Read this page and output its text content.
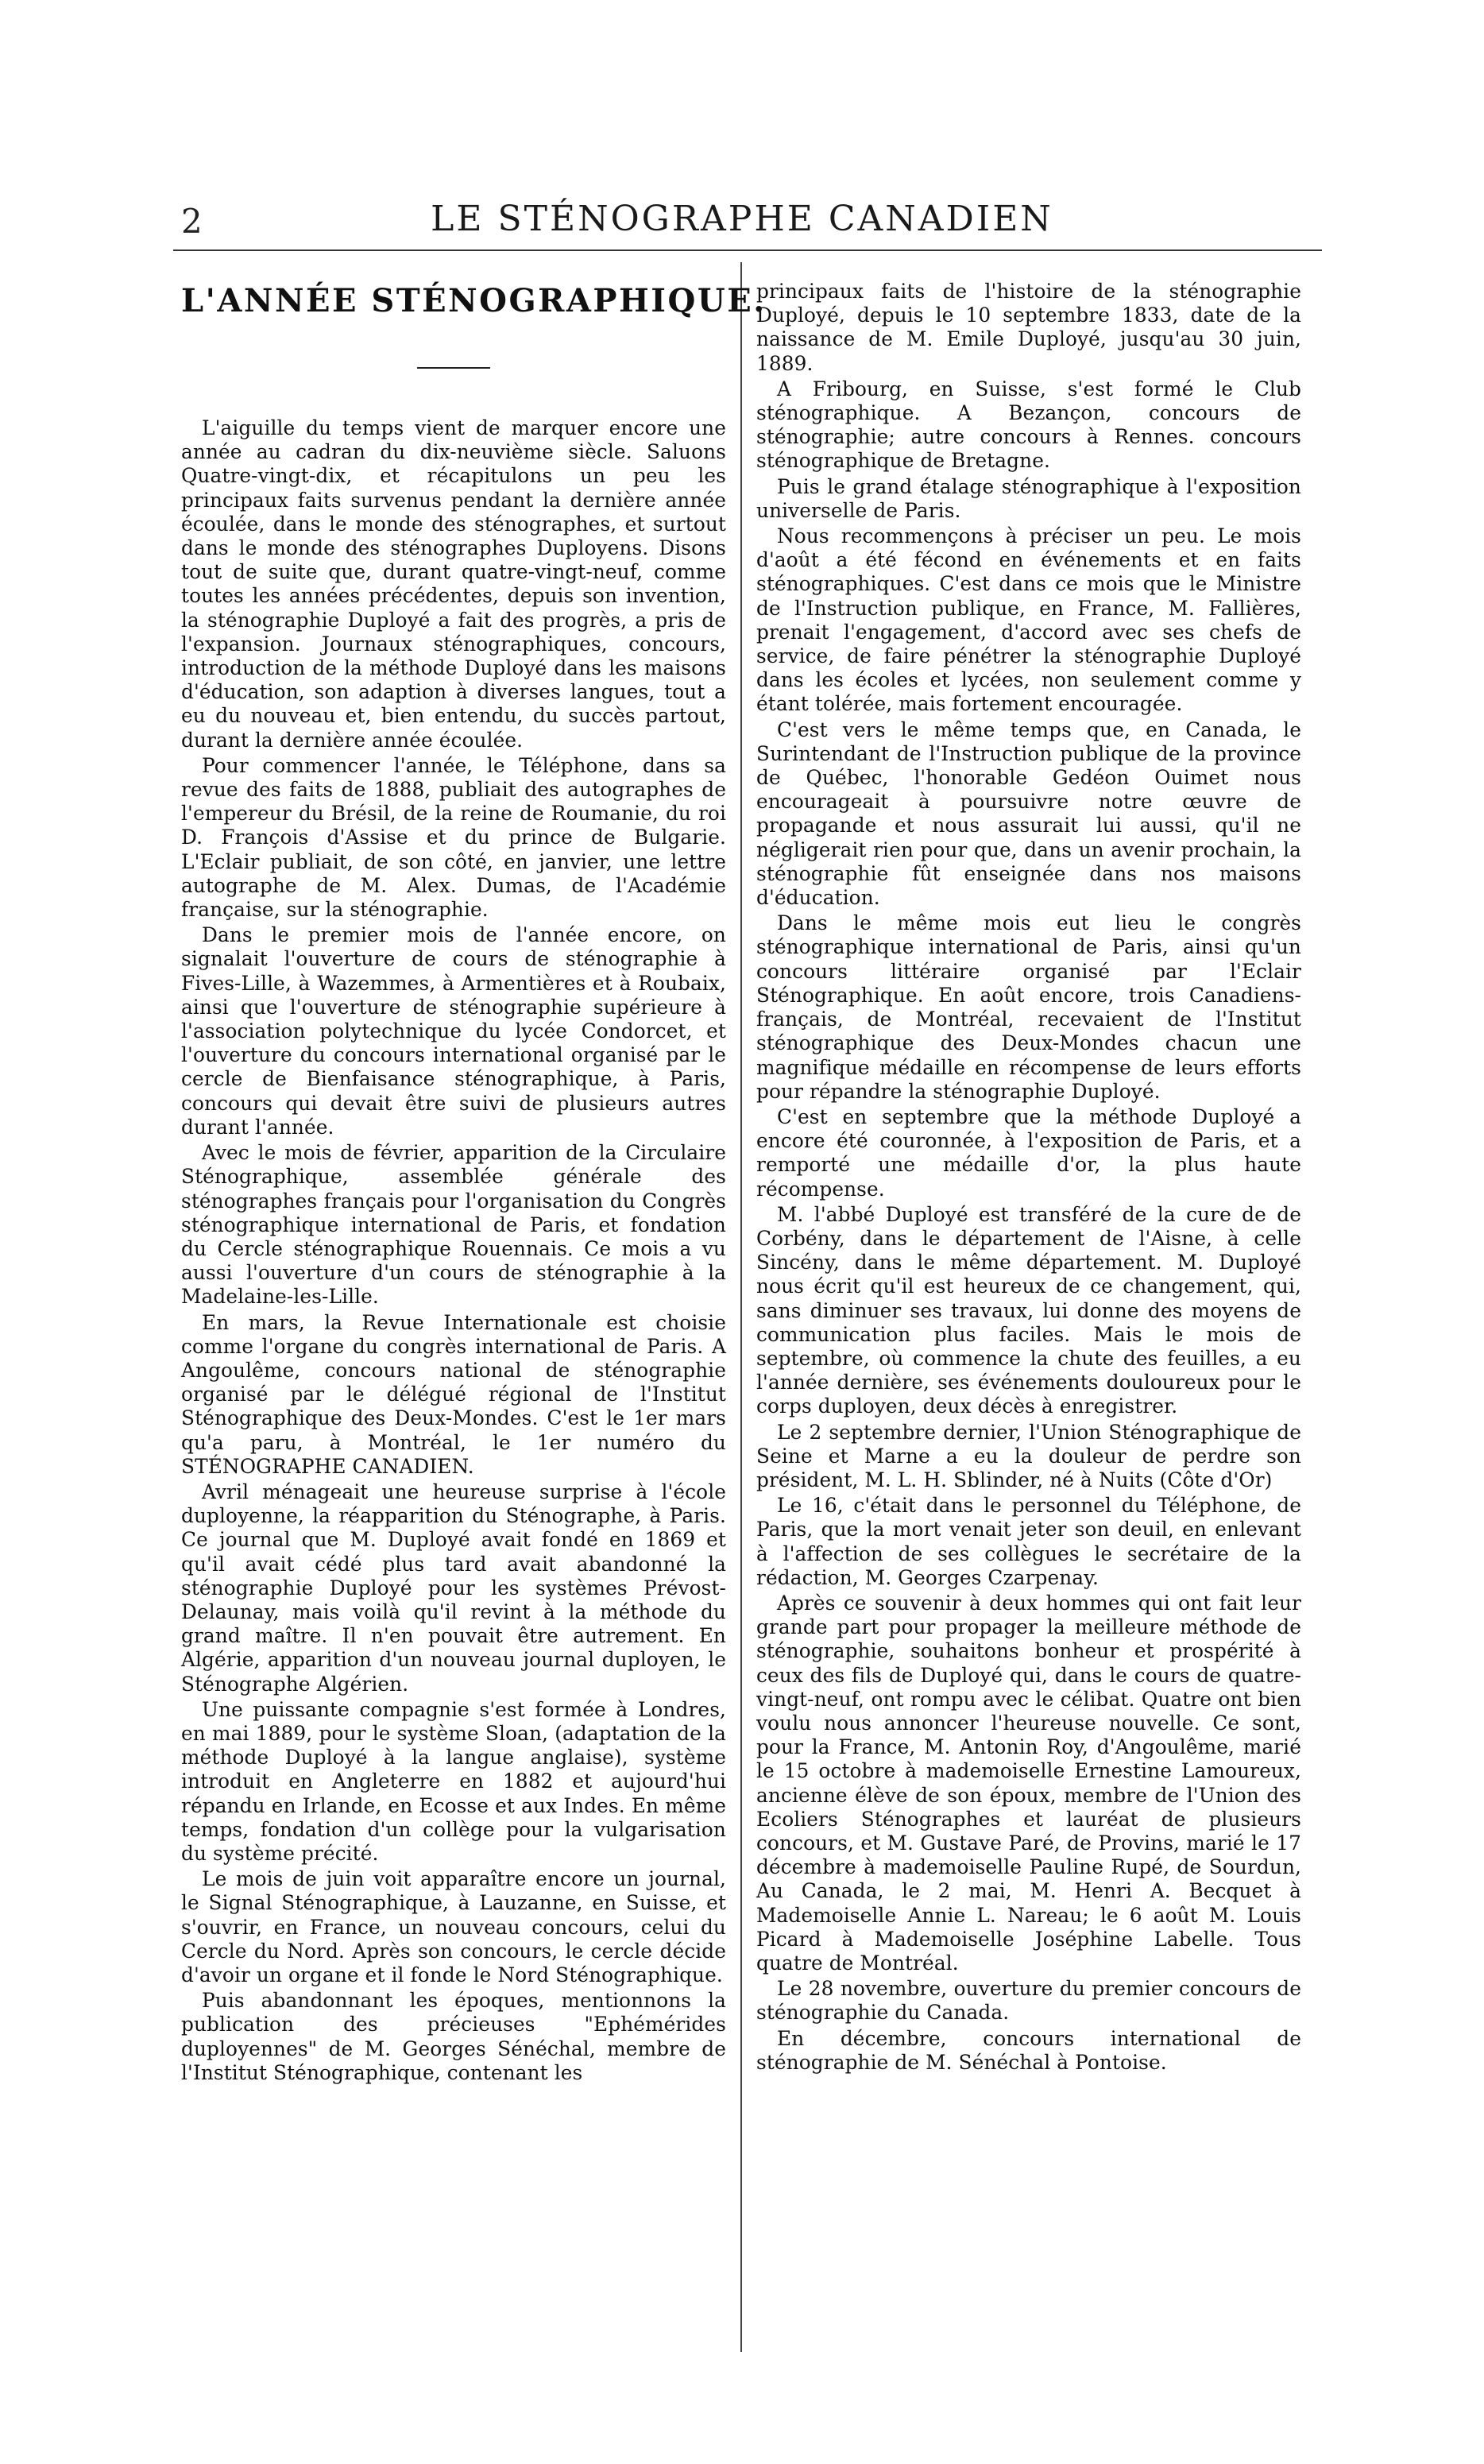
2	LE STÉNOGRAPHE CANADIEN
L'ANNÉE STÉNOGRAPHIQUE.

L'aiguille du temps vient de marquer encore une année au cadran du dix-neuvième siècle. Saluons Quatre-vingt-dix, et récapitulons un peu les principaux faits survenus pendant la dernière année écoulée, dans le monde des sténographes, et surtout dans le monde des sténographes Duployens. Disons tout de suite que, durant quatre-vingt-neuf, comme toutes les années précédentes, depuis son invention, la sténographie Duployé a fait des progrès, a pris de l'expansion. Journaux sténographiques, concours, introduction de la méthode Duployé dans les maisons d'éducation, son adaption à diverses langues, tout a eu du nouveau et, bien entendu, du succès partout, durant la dernière année écoulée.

Pour commencer l'année, le Téléphone, dans sa revue des faits de 1888, publiait des autographes de l'empereur du Brésil, de la reine de Roumanie, du roi D. François d'Assise et du prince de Bulgarie. L'Eclair publiait, de son côté, en janvier, une lettre autographe de M. Alex. Dumas, de l'Académie française, sur la sténographie.

Dans le premier mois de l'année encore, on signalait l'ouverture de cours de sténographie à Fives-Lille, à Wazemmes, à Armentières et à Roubaix, ainsi que l'ouverture de sténographie supérieure à l'association polytechnique du lycée Condorcet, et l'ouverture du concours international organisé par le cercle de Bienfaisance sténographique, à Paris, concours qui devait être suivi de plusieurs autres durant l'année.

Avec le mois de février, apparition de la Circulaire Sténographique, assemblée générale des sténographes français pour l'organisation du Congrès sténographique international de Paris, et fondation du Cercle sténographique Rouennais. Ce mois a vu aussi l'ouverture d'un cours de sténographie à la Madelaine-les-Lille.

En mars, la Revue Internationale est choisie comme l'organe du congrès international de Paris. A Angoulême, concours national de sténographie organisé par le délégué régional de l'Institut Sténographique des Deux-Mondes. C'est le 1er mars qu'a paru, à Montréal, le 1er numéro du STÉNOGRAPHE CANADIEN.

Avril ménageait une heureuse surprise à l'école duployenne, la réapparition du Sténographe, à Paris. Ce journal que M. Duployé avait fondé en 1869 et qu'il avait cédé plus tard avait abandonné la sténographie Duployé pour les systèmes Prévost-Delaunay, mais voilà qu'il revint à la méthode du grand maître. Il n'en pouvait être autrement. En Algérie, apparition d'un nouveau journal duployen, le Sténographe Algérien.

Une puissante compagnie s'est formée à Londres, en mai 1889, pour le système Sloan, (adaptation de la méthode Duployé à la langue anglaise), système introduit en Angleterre en 1882 et aujourd'hui répandu en Irlande, en Ecosse et aux Indes. En même temps, fondation d'un collège pour la vulgarisation du système précité.

Le mois de juin voit apparaître encore un journal, le Signal Sténographique, à Lauzanne, en Suisse, et s'ouvrir, en France, un nouveau concours, celui du Cercle du Nord. Après son concours, le cercle décide d'avoir un organe et il fonde le Nord Sténographique.

Puis abandonnant les époques, mentionnons la publication des précieuses "Ephémérides duployennes" de M. Georges Sénéchal, membre de l'Institut Sténographique, contenant les

principaux faits de l'histoire de la sténographie Duployé, depuis le 10 septembre 1833, date de la naissance de M. Emile Duployé, jusqu'au 30 juin, 1889.

A Fribourg, en Suisse, s'est formé le Club sténographique. A Bezançon, concours de sténographie; autre concours à Rennes. concours sténographique de Bretagne.

Puis le grand étalage sténographique à l'exposition universelle de Paris.

Nous recommençons à préciser un peu. Le mois d'août a été fécond en événements et en faits sténographiques. C'est dans ce mois que le Ministre de l'Instruction publique, en France, M. Fallières, prenait l'engagement, d'accord avec ses chefs de service, de faire pénétrer la sténographie Duployé dans les écoles et lycées, non seulement comme y étant tolérée, mais fortement encouragée.

C'est vers le même temps que, en Canada, le Surintendant de l'Instruction publique de la province de Québec, l'honorable Gedéon Ouimet nous encourageait à poursuivre notre œuvre de propagande et nous assurait lui aussi, qu'il ne négligerait rien pour que, dans un avenir prochain, la sténographie fût enseignée dans nos maisons d'éducation.

Dans le même mois eut lieu le congrès sténographique international de Paris, ainsi qu'un concours littéraire organisé par l'Eclair Sténographique. En août encore, trois Canadiens-français, de Montréal, recevaient de l'Institut sténographique des Deux-Mondes chacun une magnifique médaille en récompense de leurs efforts pour répandre la sténographie Duployé.

C'est en septembre que la méthode Duployé a encore été couronnée, à l'exposition de Paris, et a remporté une médaille d'or, la plus haute récompense.

M. l'abbé Duployé est transféré de la cure de de Corbény, dans le département de l'Aisne, à celle Sincény, dans le même département. M. Duployé nous écrit qu'il est heureux de ce changement, qui, sans diminuer ses travaux, lui donne des moyens de communication plus faciles. Mais le mois de septembre, où commence la chute des feuilles, a eu l'année dernière, ses événements douloureux pour le corps duployen, deux décès à enregistrer.

Le 2 septembre dernier, l'Union Sténographique de Seine et Marne a eu la douleur de perdre son président, M. L. H. Sblinder, né à Nuits (Côte d'Or)

Le 16, c'était dans le personnel du Téléphone, de Paris, que la mort venait jeter son deuil, en enlevant à l'affection de ses collègues le secrétaire de la rédaction, M. Georges Czarpenay.

Après ce souvenir à deux hommes qui ont fait leur grande part pour propager la meilleure méthode de sténographie, souhaitons bonheur et prospérité à ceux des fils de Duployé qui, dans le cours de quatre-vingt-neuf, ont rompu avec le célibat. Quatre ont bien voulu nous annoncer l'heureuse nouvelle. Ce sont, pour la France, M. Antonin Roy, d'Angoulême, marié le 15 octobre à mademoiselle Ernestine Lamoureux, ancienne élève de son époux, membre de l'Union des Ecoliers Sténographes et lauréat de plusieurs concours, et M. Gustave Paré, de Provins, marié le 17 décembre à mademoiselle Pauline Rupé, de Sourdun, Au Canada, le 2 mai, M. Henri A. Becquet à Mademoiselle Annie L. Nareau; le 6 août M. Louis Picard à Mademoiselle Joséphine Labelle. Tous quatre de Montréal.

Le 28 novembre, ouverture du premier concours de sténographie du Canada.

En décembre, concours international de sténographie de M. Sénéchal à Pontoise.
